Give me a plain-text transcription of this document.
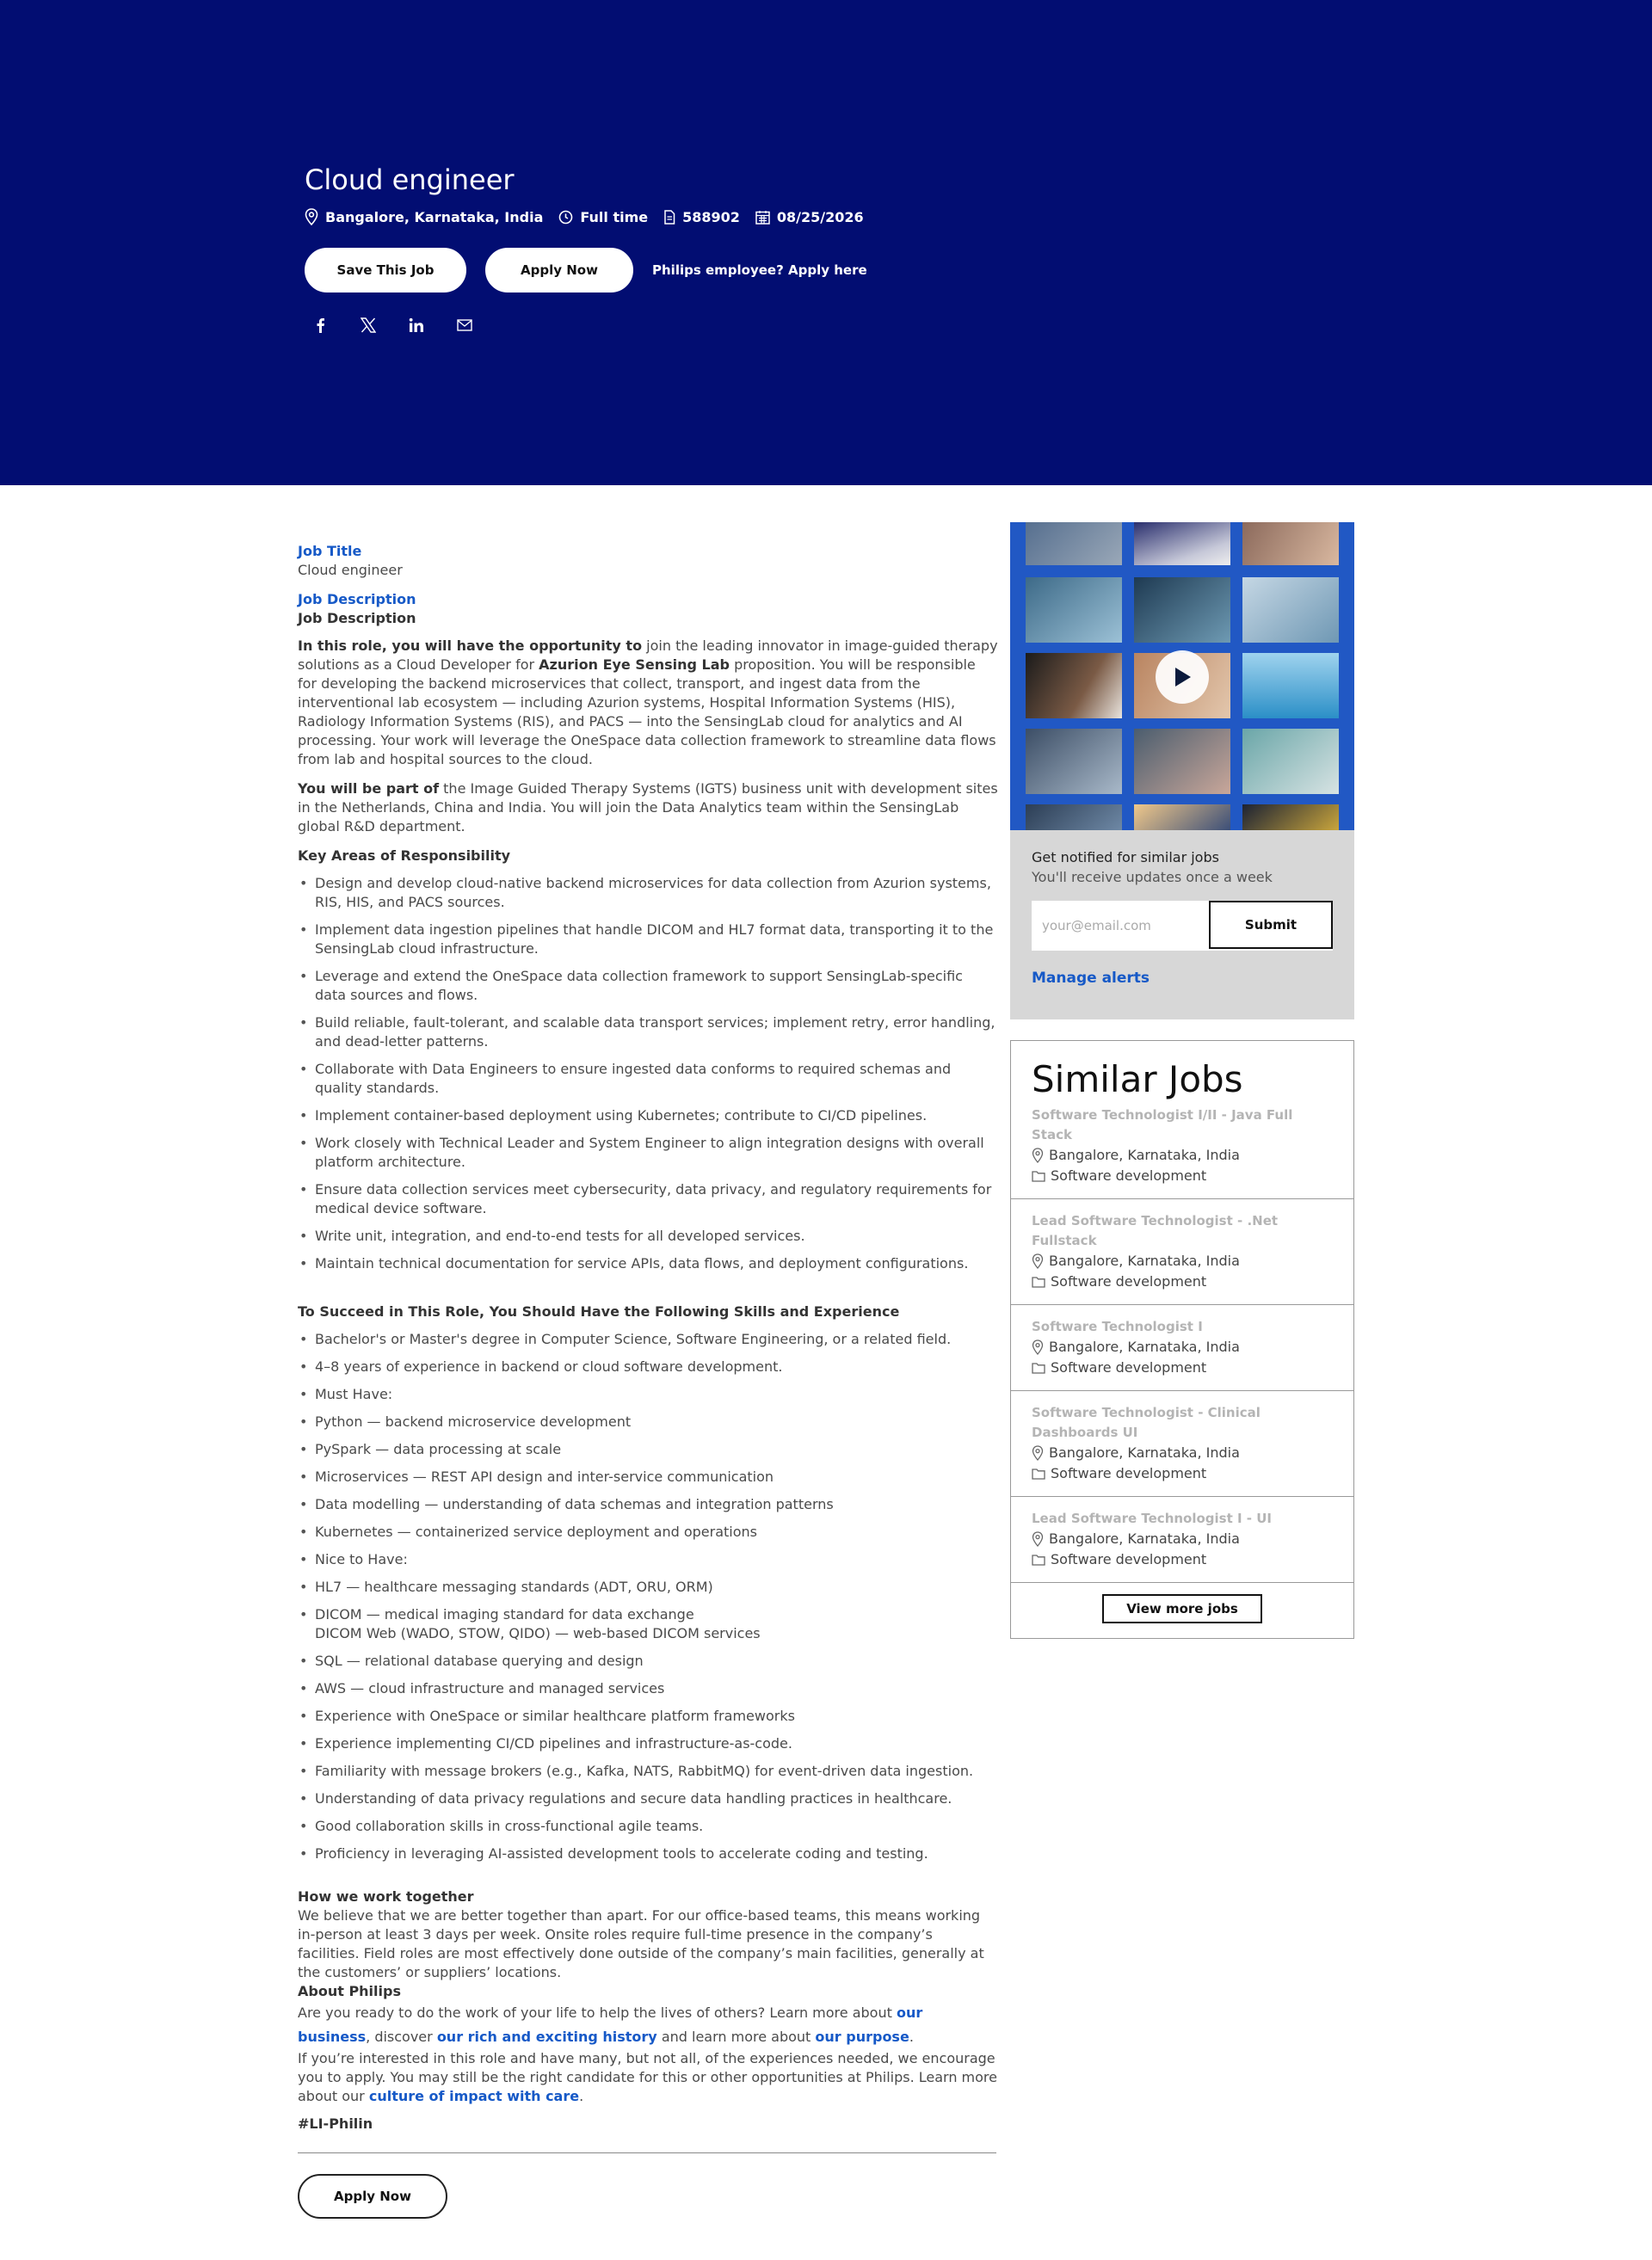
Cloud engineer
Bangalore, Karnataka, India	Full time	588902	08/25/2026
Save This Job	Apply Now	Philips employee? Apply here
Job Title
Cloud engineer
Job Description
Job Description

In this role, you will have the opportunity to join the leading innovator in image-guided therapy solutions as a Cloud Developer for Azurion Eye Sensing Lab proposition. You will be responsible for developing the backend microservices that collect, transport, and ingest data from the interventional lab ecosystem — including Azurion systems, Hospital Information Systems (HIS), Radiology Information Systems (RIS), and PACS — into the SensingLab cloud for analytics and AI processing. Your work will leverage the OneSpace data collection framework to streamline data flows from lab and hospital sources to the cloud.

You will be part of the Image Guided Therapy Systems (IGTS) business unit with development sites in the Netherlands, China and India. You will join the Data Analytics team within the SensingLab global R&D department.

Key Areas of Responsibility
• Design and develop cloud-native backend microservices for data collection from Azurion systems, RIS, HIS, and PACS sources.
• Implement data ingestion pipelines that handle DICOM and HL7 format data, transporting it to the SensingLab cloud infrastructure.
• Leverage and extend the OneSpace data collection framework to support SensingLab-specific data sources and flows.
• Build reliable, fault-tolerant, and scalable data transport services; implement retry, error handling, and dead-letter patterns.
• Collaborate with Data Engineers to ensure ingested data conforms to required schemas and quality standards.
• Implement container-based deployment using Kubernetes; contribute to CI/CD pipelines.
• Work closely with Technical Leader and System Engineer to align integration designs with overall platform architecture.
• Ensure data collection services meet cybersecurity, data privacy, and regulatory requirements for medical device software.
• Write unit, integration, and end-to-end tests for all developed services.
• Maintain technical documentation for service APIs, data flows, and deployment configurations.
To Succeed in This Role, You Should Have the Following Skills and Experience
• Bachelor's or Master's degree in Computer Science, Software Engineering, or a related field.
• 4–8 years of experience in backend or cloud software development.
• Must Have:
• Python — backend microservice development
• PySpark — data processing at scale
• Microservices — REST API design and inter-service communication
• Data modelling — understanding of data schemas and integration patterns
• Kubernetes — containerized service deployment and operations
• Nice to Have:
• HL7 — healthcare messaging standards (ADT, ORU, ORM)
• DICOM — medical imaging standard for data exchange
DICOM Web (WADO, STOW, QIDO) — web-based DICOM services
• SQL — relational database querying and design
• AWS — cloud infrastructure and managed services
• Experience with OneSpace or similar healthcare platform frameworks
• Experience implementing CI/CD pipelines and infrastructure-as-code.
• Familiarity with message brokers (e.g., Kafka, NATS, RabbitMQ) for event-driven data ingestion.
• Understanding of data privacy regulations and secure data handling practices in healthcare.
• Good collaboration skills in cross-functional agile teams.
• Proficiency in leveraging AI-assisted development tools to accelerate coding and testing.
How we work together

We believe that we are better together than apart. For our office-based teams, this means working in-person at least 3 days per week. Onsite roles require full-time presence in the company’s facilities. Field roles are most effectively done outside of the company’s main facilities, generally at the customers’ or suppliers’ locations.

About Philips

Are you ready to do the work of your life to help the lives of others? Learn more about our business, discover our rich and exciting history and learn more about our purpose.

If you’re interested in this role and have many, but not all, of the experiences needed, we encourage you to apply. You may still be the right candidate for this or other opportunities at Philips. Learn more about our culture of impact with care.

#LI-Philin
Apply Now
Get notified for similar jobs
You'll receive updates once a week
your@email.com
Submit
Manage alerts
Similar Jobs
Software Technologist I/II - Java Full Stack
Bangalore, Karnataka, India
Software development
Lead Software Technologist - .Net Fullstack
Bangalore, Karnataka, India
Software development
Software Technologist I
Bangalore, Karnataka, India
Software development
Software Technologist - Clinical Dashboards UI
Bangalore, Karnataka, India
Software development
Lead Software Technologist I - UI
Bangalore, Karnataka, India
Software development
View more jobs
